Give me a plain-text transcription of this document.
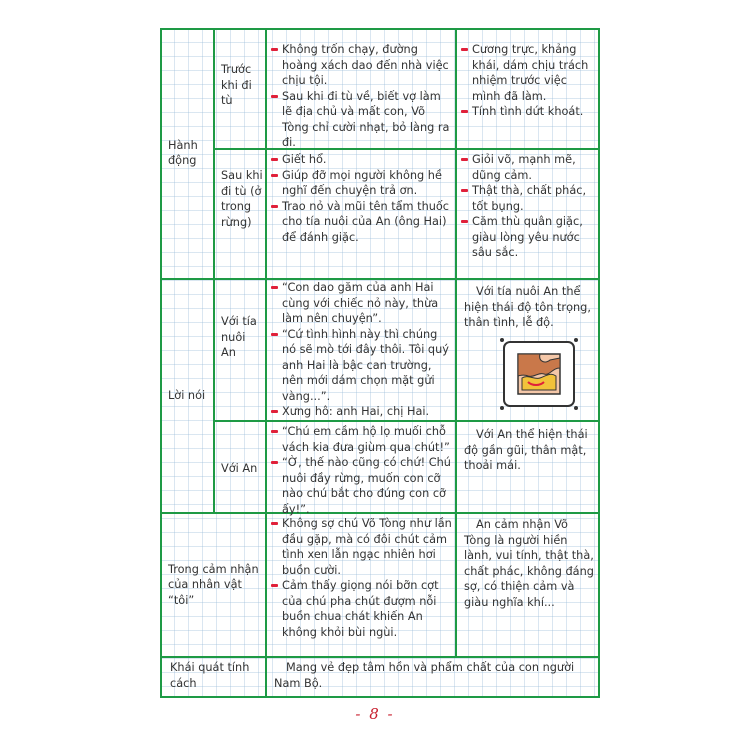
Hành động
Trước khi đi tù
Không trốn chạy, đường hoàng xách dao đến nhà việc chịu tội.
Sau khi đi tù về, biết vợ làm lẽ địa chủ và mất con, Võ Tòng chỉ cười nhạt, bỏ làng ra đi.
Cương trực, khảng khái, dám chịu trách nhiệm trước việc mình đã làm.
Tính tình dứt khoát.
Sau khi đi tù (ở trong rừng)
Giết hổ.
Giúp đỡ mọi người không hề nghĩ đến chuyện trả ơn.
Trao nỏ và mũi tên tẩm thuốc cho tía nuôi của An (ông Hai) để đánh giặc.
Giỏi võ, mạnh mẽ, dũng cảm.
Thật thà, chất phác, tốt bụng.
Căm thù quân giặc, giàu lòng yêu nước sâu sắc.
Lời nói
Với tía nuôi An
“Con dao găm của anh Hai cùng với chiếc nỏ này, thừa làm nên chuyện”.
“Cứ tình hình này thì chúng nó sẽ mò tới đây thôi. Tôi quý anh Hai là bậc can trường, nên mới dám chọn mặt gửi vàng...”.
Xưng hô: anh Hai, chị Hai.
Với tía nuôi An thể hiện thái độ tôn trọng, thân tình, lễ độ.
Với An
“Chú em cầm hộ lọ muối chỗ vách kia đưa giùm qua chút!”
“Ờ, thế nào cũng có chứ! Chú nuôi đầy rừng, muốn con cỡ nào chú bắt cho đúng con cỡ ấy!”.
Với An thể hiện thái độ gần gũi, thân mật, thoải mái.
Trong cảm nhận của nhân vật “tôi”
Không sợ chú Võ Tòng như lần đầu gặp, mà có đôi chút cảm tình xen lẫn ngạc nhiên hơi buồn cười.
Cảm thấy giọng nói bỡn cợt của chú pha chút đượm nỗi buồn chua chát khiến An không khỏi bùi ngùi.
An cảm nhận Võ Tòng là người hiền lành, vui tính, thật thà, chất phác, không đáng sợ, có thiện cảm và giàu nghĩa khí...
Khái quát tính cách
Mang vẻ đẹp tâm hồn và phẩm chất của con người Nam Bộ.
- 8 -
